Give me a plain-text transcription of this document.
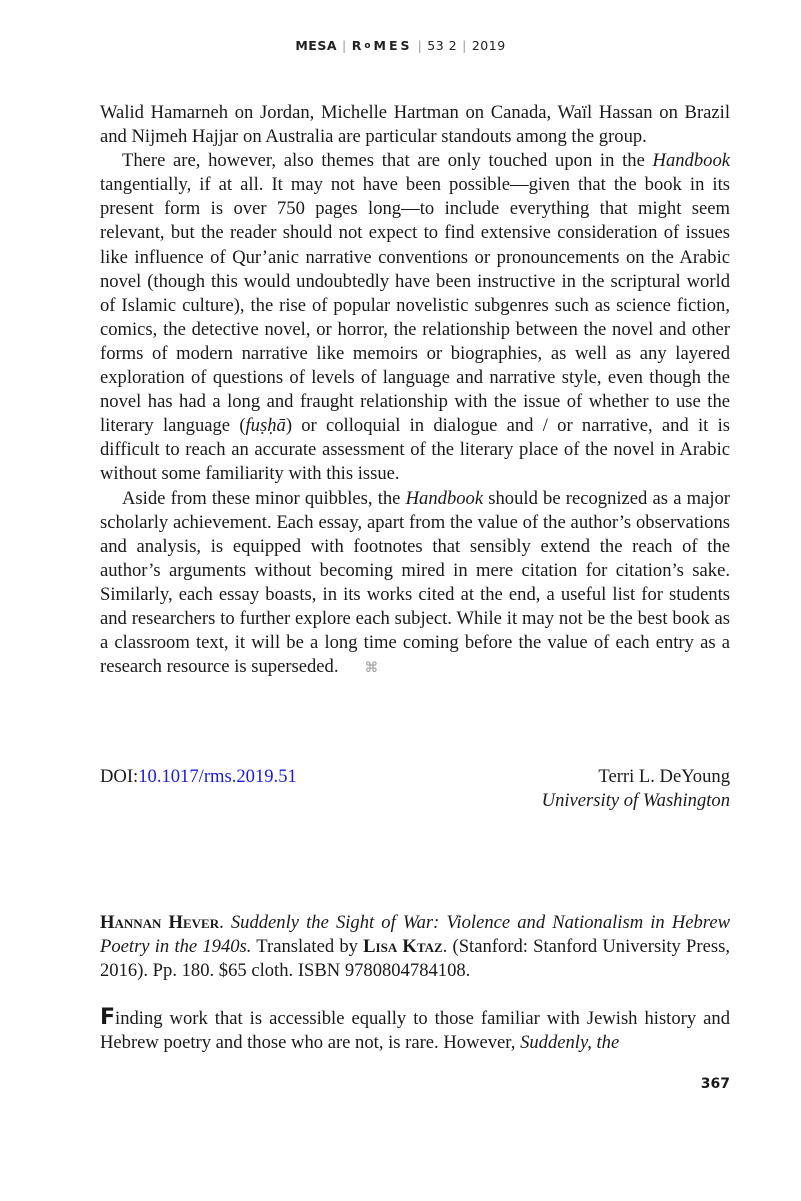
MESA | RoMES | 53 2 | 2019

Walid Hamarneh on Jordan, Michelle Hartman on Canada, Waïl Hassan on Brazil and Nijmeh Hajjar on Australia are particular standouts among the group.

There are, however, also themes that are only touched upon in the Handbook tangentially, if at all. It may not have been possible—given that the book in its present form is over 750 pages long—to include everything that might seem relevant, but the reader should not expect to find extensive consideration of issues like influence of Qur’anic narrative conventions or pronouncements on the Arabic novel (though this would undoubtedly have been instructive in the scriptural world of Islamic culture), the rise of popular novelistic subgenres such as science fiction, comics, the detective novel, or horror, the relationship between the novel and other forms of modern narrative like memoirs or biographies, as well as any layered exploration of questions of levels of language and narrative style, even though the novel has had a long and fraught relationship with the issue of whether to use the literary language (fuṣḥā) or colloquial in dialogue and / or narrative, and it is difficult to reach an accurate assessment of the literary place of the novel in Arabic without some familiarity with this issue.

Aside from these minor quibbles, the Handbook should be recognized as a major scholarly achievement. Each essay, apart from the value of the author’s observations and analysis, is equipped with footnotes that sensibly extend the reach of the author’s arguments without becoming mired in mere citation for citation’s sake. Similarly, each essay boasts, in its works cited at the end, a useful list for students and researchers to further explore each subject. While it may not be the best book as a classroom text, it will be a long time coming before the value of each entry as a research resource is superseded. ⌘

DOI:10.1017/rms.2019.51	Terri L. DeYoung
University of Washington
Hannan Hever. Suddenly the Sight of War: Violence and Nationalism in Hebrew Poetry in the 1940s. Translated by Lisa Ktaz. (Stanford: Stanford University Press, 2016). Pp. 180. $65 cloth. ISBN 9780804784108.
Finding work that is accessible equally to those familiar with Jewish history and Hebrew poetry and those who are not, is rare. However, Suddenly, the
367
